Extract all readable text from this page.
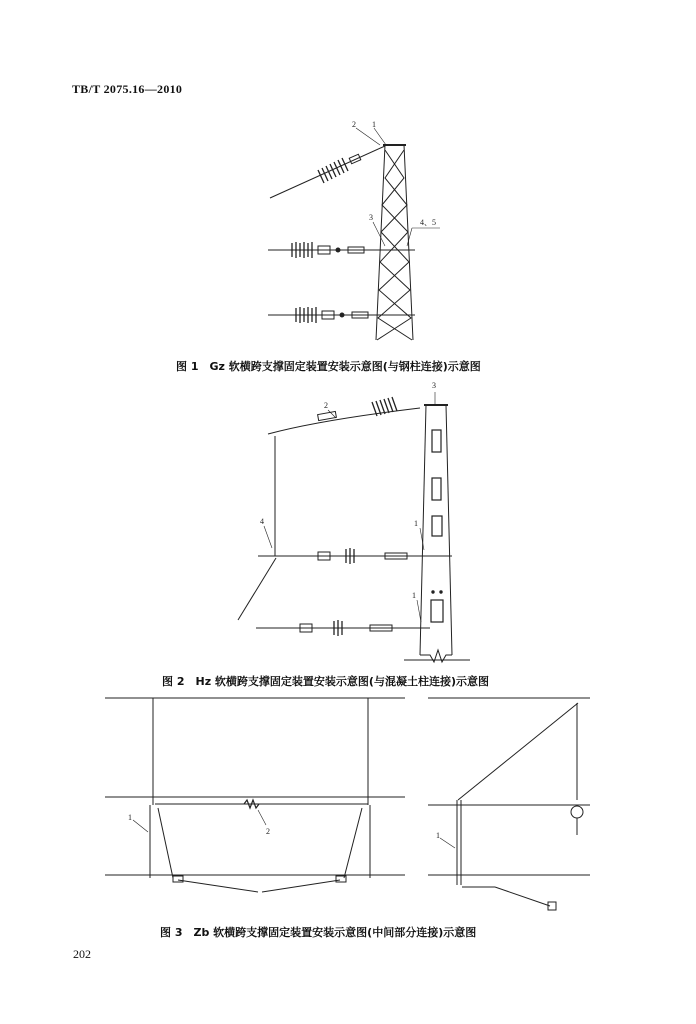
TB/T 2075.16—2010
2 1
3
4、5
2
3
4	1
1
1
2	1
图 1　Gz 软横跨支撑固定装置安装示意图(与钢柱连接)示意图
图 2　Hz 软横跨支撑固定装置安装示意图(与混凝土柱连接)示意图
图 3　Zb 软横跨支撑固定装置安装示意图(中间部分连接)示意图
202
